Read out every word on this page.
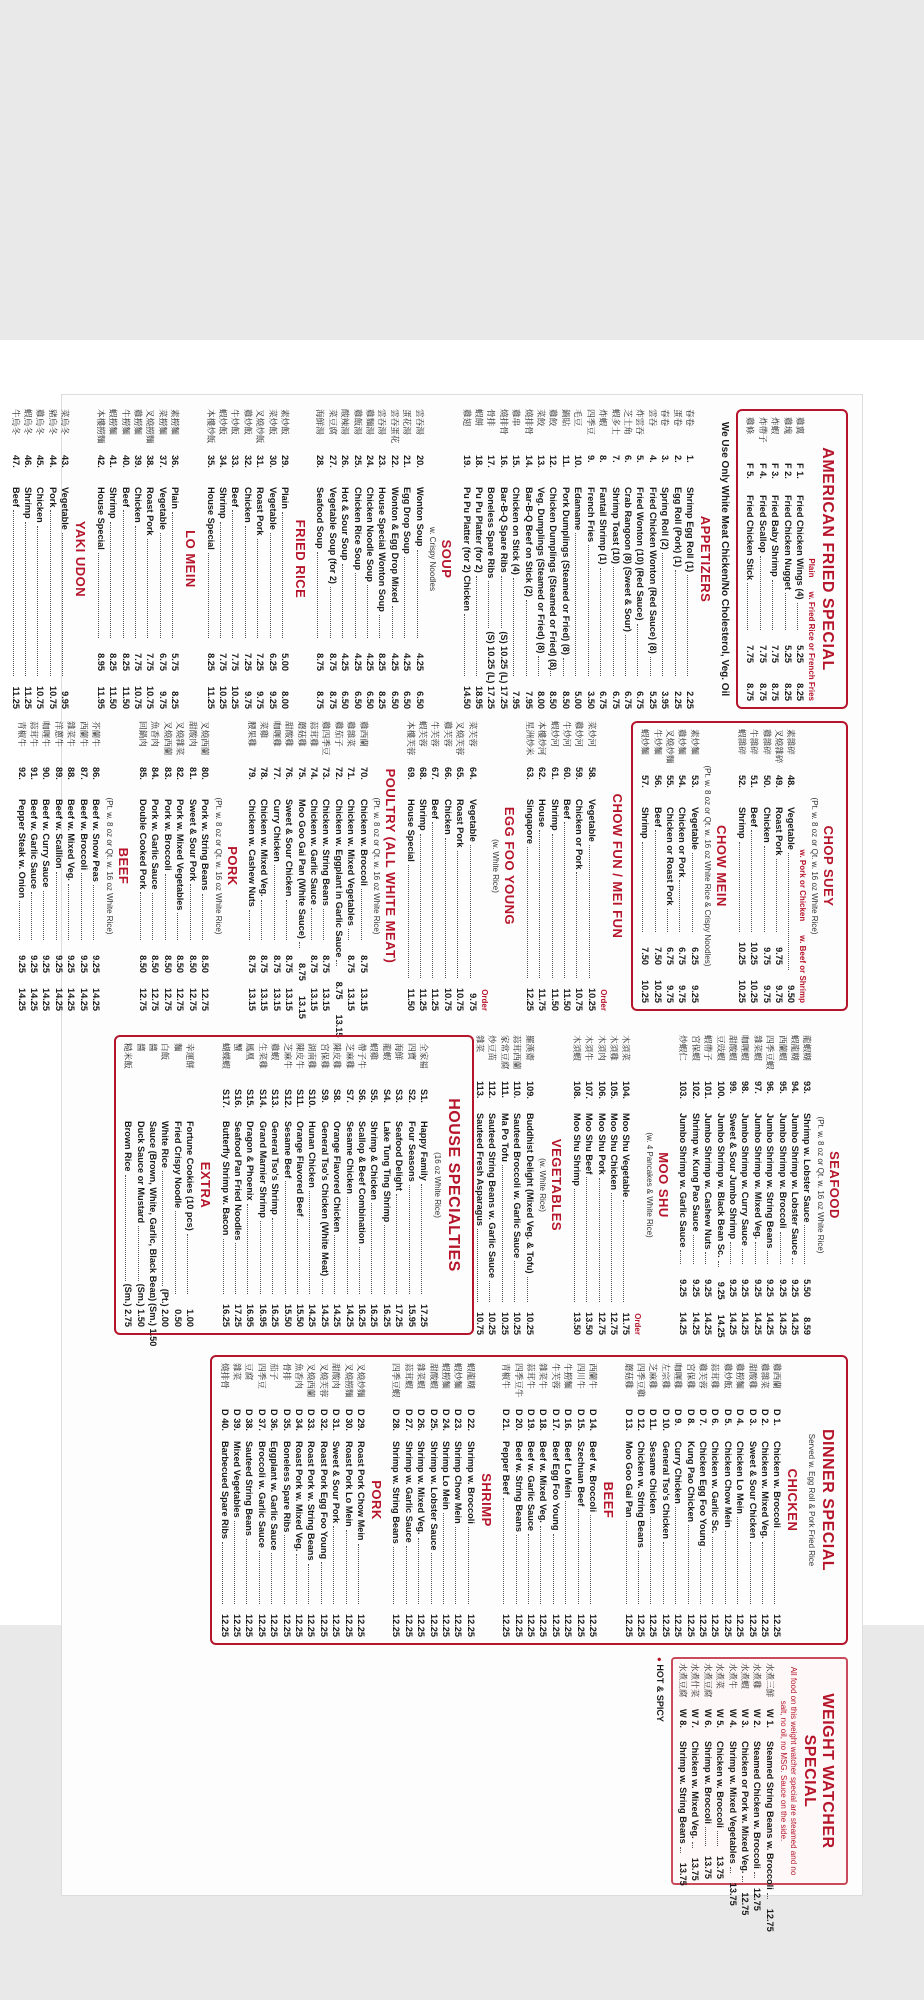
AMERICAN FRIED SPECIAL
Plain
w. Fried Rice or French Fries
雞翼
F 1.
Fried Chicken Wings (4)
5.25
8.25
雞塊
F 2.
Fried Chicken Nugget
5.25
8.25
炸蝦
F 3.
Fried Baby Shrimp
7.75
8.75
炸帶子
F 4.
Fried Scallop
7.75
8.75
雞條
F 5.
Fried Chicken Stick
7.75
8.75
We Use Only White Meat Chicken/No Cholesterol, Veg. Oil
APPETIZERS
春卷
1.
Shrimp Egg Roll (1)
2.25
蛋卷
2.
Egg Roll (Pork) (1)
2.25
春卷
3.
Spring Roll (2)
3.95
雲吞
4.
Fried Chicken Wonton (Red Sauce) (8)
5.25
炸雲吞
5.
Fried Wonton (10) (Red Sauce)
6.75
芝士角
6.
Crab Rangoon (8) (Sweet & Sour)
6.75
蝦多士
7.
Shrimp Toast (10)
6.75
炸蝦
8.
Fantail Shrimp (1)
6.75
四季豆
9.
French Fries
3.50
毛豆
10.
Edamame
5.00
鍋貼
11.
Pork Dumplings (Steamed or Fried) (8)
8.50
雞餃
12.
Chicken Dumplings (Steamed or Fried) (8)
8.50
菜餃
13.
Veg. Dumplings (Steamed or Fried) (8)
8.00
燒排骨
14.
Bar-B-Q Beef on Stick (2)
7.95
雞串
15.
Chicken on Stick (4)
7.95
燒排骨
16.
Bar-B-Q Spare Ribs
(S) 10.25 (L) 17.25
骨排
17.
Boneless Spare Ribs
(S) 10.25 (L) 17.25
蝦餅
18.
Pu Pu Platter (for 2)
18.95
雞翅
19.
Pu Pu Platter (for 2) Chicken
14.50
SOUP
w. Crispy Noodles
雲吞湯
20.
Wonton Soup
4.25
6.50
蛋花湯
21.
Egg Drop Soup
4.25
6.50
雲吞蛋花
22.
Wonton & Egg Drop Mixed
4.25
6.50
雲吞湯
23.
House Special Wonton Soup
8.25
8.25
雞麵湯
24.
Chicken Noodle Soup
4.25
6.50
雞飯湯
25.
Chicken Rice Soup
4.25
6.50
酸辣湯
26.
Hot & Sour Soup
4.25
6.50
菜豆腐
27.
Vegetable Soup (for 2)
8.75
8.75
海鮮湯
28.
Seafood Soup
8.75
8.75
FRIED RICE
素炒飯
29.
Plain
5.00
8.00
菜炒飯
30.
Vegetable
6.25
9.25
叉燒炒飯
31.
Roast Pork
7.25
9.75
雞炒飯
32.
Chicken
7.25
9.75
牛炒飯
33.
Beef
7.75
10.25
蝦炒飯
34.
Shrimp
7.75
10.25
本樓炒飯
35.
House Special
8.25
11.25
LO MEIN
素撈麵
36.
Plain
5.75
8.25
菜撈麵
37.
Vegetable
6.75
9.75
叉燒撈麵
38.
Roast Pork
7.75
10.75
雞撈麵
39.
Chicken
7.75
10.75
牛撈麵
40.
Beef
8.25
11.50
蝦撈麵
41.
Shrimp
8.25
11.50
本樓撈麵
42.
House Special
8.95
11.95
YAKI UDON
菜烏冬
43.
Vegetable
9.95
豬烏冬
44.
Pork
10.75
雞烏冬
45.
Chicken
10.75
蝦烏冬
46.
Shrimp
11.25
牛烏冬
47.
Beef
11.25
CHOP SUEY
(Pt. w. 8 oz or Qt. w. 16 oz White Rice)
w. Pork or Chicken
w. Beef or Shrimp
素雜碎
48.
Vegetable
9.50
叉燒雜碎
49.
Roast Pork
9.75
9.75
雞雜碎
50.
Chicken
9.75
9.75
牛雜碎
51.
Beef
10.25
10.25
蝦雜碎
52.
Shrimp
10.25
10.25
CHOW MEIN
(Pt. w. 8 oz or Qt. w. 16 oz White Rice & Crispy Noodles)
素炒麵
53.
Vegetable
6.25
9.25
雞炒麵
54.
Chicken or Pork
6.75
9.75
叉燒炒麵
55.
Chicken or Roast Pork
6.75
9.75
牛炒麵
56.
Beef
7.50
10.25
蝦炒麵
57.
Shrimp
7.50
10.25
CHOW FUN / MEI FUN
Order
菜炒河
58.
Vegetable
10.25
雞炒河
59.
Chicken or Pork
10.75
牛炒河
60.
Beef
11.50
蝦炒河
61.
Shrimp
11.50
本樓炒河
62.
House
11.75
星洲炒米
63.
Singapore
12.25
EGG FOO YOUNG
(w. White Rice)
Order
菜芙蓉
64.
Vegetable
9.75
叉燒芙蓉
65.
Roast Pork
10.75
雞芙蓉
66.
Chicken
10.75
牛芙蓉
67.
Beef
11.25
蝦芙蓉
68.
Shrimp
11.25
本樓芙蓉
69.
House Special
11.50
POULTRY (ALL WHITE MEAT)
(Pt. w. 8 oz or Qt. w. 16 oz White Rice)
雞西蘭
70.
Chicken w. Broccoli
8.75
13.15
雞雜菜
71.
Chicken w. Mixed Vegetables
8.75
13.15
雞茄子
72.
Chicken w. Eggplant in Garlic Sauce
8.75
13.15
雞四季豆
73.
Chicken w. String Beans
8.75
13.15
蒜茸雞
74.
Chicken w. Garlic Sauce
8.75
13.15
蘑菇雞
75.
Moo Goo Gai Pan (White Sauce)
8.75
13.15
甜酸雞
76.
Sweet & Sour Chicken
8.75
13.15
咖喱雞
77.
Curry Chicken
8.75
13.15
菜雞
78.
Chicken w. Mixed Veg.
8.75
13.15
腰果雞
79.
Chicken w. Cashew Nuts
8.75
13.15
PORK
(Pt. w. 8 oz or Qt. w. 16 oz White Rice)
叉燒西蘭
80.
Pork w. String Beans
8.50
12.75
甜酸肉
81.
Sweet & Sour Pork
8.50
12.75
叉燒雜菜
82.
Pork w. Mixed Vegetables
8.50
12.75
叉燒西蘭
83.
Pork w. Broccoli
8.50
12.75
魚香肉
84.
Pork w. Garlic Sauce
8.50
12.75
回鍋肉
85.
Double Cooked Pork
8.50
12.75
BEEF
(Pt. w. 8 oz or Qt. w. 16 oz White Rice)
芥蘭牛
86.
Beef w. Snow Peas
9.25
14.25
西蘭牛
87.
Beef w. Broccoli
9.25
14.25
雜菜牛
88.
Beef w. Mixed Veg.
9.25
14.25
洋蔥牛
89.
Beef w. Scallion
9.25
14.25
咖喱牛
90.
Beef w. Curry Sauce
9.25
14.25
蒜茸牛
91.
Beef w. Garlic Sauce
9.25
14.25
青椒牛
92.
Pepper Steak w. Onion
9.25
14.25
SEAFOOD
(Pt. w. 8 oz or Qt. w. 16 oz White Rice)
龍蝦糊
93.
Shrimp w. Lobster Sauce
5.50
8.59
蝦龍糊
94.
Jumbo Shrimp w. Lobster Sauce
9.25
14.25
西蘭蝦
95.
Jumbo Shrimp w. Broccoli
9.25
14.25
四季豆蝦
96.
Jumbo Shrimp w. String Beans
9.25
14.25
雜菜蝦
97.
Jumbo Shrimp w. Mixed Veg.
9.25
14.25
咖喱蝦
98.
Jumbo Shrimp w. Curry Sauce
9.25
14.25
甜酸蝦
99.
Sweet & Sour Jumbo Shrimp
9.25
14.25
豆豉蝦
100.
Jumbo Shrimp w. Black Bean Sc.
9.25
14.25
蝦帶子
101.
Jumbo Shrimp w. Cashew Nuts
9.25
14.25
宮保蝦
102.
Shrimp w. Kung Pao Sauce
9.25
14.25
炒蝦仁
103.
Jumbo Shrimp w. Garlic Sauce
9.25
14.25
MOO SHU
(w. 4 Pancakes & White Rice)
Order
木須菜
104.
Moo Shu Vegetable
11.75
木須雞
105.
Moo Shu Chicken
12.75
木須肉
106.
Moo Shu Pork
12.75
木須牛
107.
Moo Shu Beef
13.50
木須蝦
108.
Moo Shu Shrimp
13.50
VEGETABLES
(w. White Rice)
羅漢齋
109.
Buddhist Delight (Mixed Veg. & Tofu)
10.25
蒜茸西蘭
110.
Sauteed Broccoli w. Garlic Sauce
10.25
家常豆腐
111.
Ma Po Tofu
10.25
炒豆苗
112.
Sauteed String Beans w. Garlic Sauce
10.25
雜菜
113.
Sauteed Fresh Asparagus
10.75
HOUSE SPECIALTIES
(16 oz White Rice)
全家福
S1.
Happy Family
17.25
四寶
S2.
Four Seasons
15.95
海鮮
S3.
Seafood Delight
17.25
龍蝦
S4.
Lake Tung Ting Shrimp
16.25
蝦雞
S5.
Shrimp & Chicken
16.25
帶子牛
S6.
Scallop & Beef Combination
16.25
芝麻雞
S7.
Sesame Chicken
14.25
陳皮雞
S8.
Orange Flavored Chicken
14.25
宮保雞
S9.
General Tso's Chicken (White Meat)
14.25
湖南雞
S10.
Hunan Chicken
14.25
陳皮牛
S11.
Orange Flavored Beef
15.50
芝麻牛
S12.
Sesame Beef
15.50
雞蝦
S13.
General Tso's Shrimp
16.25
生菜雞
S14.
Grand Marnier Shrimp
16.95
鳳凰
S15.
Dragon & Phoenix
16.95
蟹
S16.
Seafood Pan Fried Noodles
17.25
蝴蝶蝦
S17.
Butterfly Shrimp w. Bacon
16.25
EXTRA
幸運餅
Fortune Cookies (10 pcs)
1.00
麵
Fried Crispy Noodle
0.50
白飯
White Rice
(Pt.) 2.00
醬
Sauce (Brown, White, Garlic, Black Bean)
(Sm.) 1.50
醬
Duck Sauce or Mustard
(Sm.) 1.50
糙米飯
Brown Rice
(Sm.) 2.75
DINNER SPECIAL
Served w. Egg Roll & Pork Fried Rice
CHICKEN
雞西蘭
D 1.
Chicken w. Broccoli
12.25
雞雜菜
D 2.
Chicken w. Mixed Veg.
12.25
甜酸雞
D 3.
Sweet & Sour Chicken
12.25
雞撈麵
D 4.
Chicken Lo Mein
12.25
雞炒飯
D 5.
Chicken Chow Mein
12.25
蒜茸雞
D 6.
Chicken w. Garlic Sc.
12.25
雞芙蓉
D 7.
Chicken Egg Foo Young
12.25
宮保雞
D 8.
Kung Pao Chicken
12.25
咖喱雞
D 9.
Curry Chicken
12.25
左宗雞
D 10.
General Tso's Chicken
12.25
芝麻雞
D 11.
Sesame Chicken
12.25
四季豆雞
D 12.
Chicken w. String Beans
12.25
蘑菇雞
D 13.
Moo Goo Gai Pan
12.25
BEEF
西蘭牛
D 14.
Beef w. Broccoli
12.25
四川牛
D 15.
Szechuan Beef
12.25
牛撈麵
D 16.
Beef Lo Mein
12.25
牛芙蓉
D 17.
Beef Egg Foo Young
12.25
雜菜牛
D 18.
Beef w. Mixed Veg.
12.25
蒜茸牛
D 19.
Beef w. Garlic Sauce
12.25
四季豆牛
D 20.
Beef w. String Beans
12.25
青椒牛
D 21.
Pepper Beef
12.25
SHRIMP
蝦龍糊
D 22.
Shrimp w. Broccoli
12.25
蝦炒麵
D 23.
Shrimp Chow Mein
12.25
蝦撈麵
D 24.
Shrimp Lo Mein
12.25
甜酸蝦
D 25.
Shrimp w. Lobster Sauce
12.25
雜菜蝦
D 26.
Shrimp w. Mixed Veg.
12.25
蒜茸蝦
D 27.
Shrimp w. Garlic Sauce
12.25
四季豆蝦
D 28.
Shrimp w. String Beans
12.25
PORK
叉燒炒麵
D 29.
Roast Pork Chow Mein
12.25
叉燒撈麵
D 30.
Roast Pork Lo Mein
12.25
甜酸肉
D 31.
Sweet & Sour Pork
12.25
叉燒芙蓉
D 32.
Roast Pork Egg Foo Young
12.25
叉燒西蘭
D 33.
Roast Pork w. String Beans
12.25
魚香肉
D 34.
Roast Pork w. Mixed Veg.
12.25
骨排
D 35.
Boneless Spare Ribs
12.25
茄子
D 36.
Eggplant w. Garlic Sauce
12.25
四季豆
D 37.
Broccoli w. Garlic Sauce
12.25
豆腐
D 38.
Sauteed String Beans
12.25
雜菜
D 39.
Mixed Vegetables
12.25
燒排骨
D 40.
Barbecued Spare Ribs
12.25
WEIGHT WATCHER SPECIAL
All food on this weight watcher special are steamed and no salt, no oil, no MSG. Sauce on the side.
水煮三鮮
W 1.
Steamed String Beans w. Broccoli
12.75
水煮雞
W 2.
Steamed Chicken w. Broccoli
12.75
水煮蝦
W 3.
Chicken or Pork w. Mixed Veg.
12.75
水煮牛
W 4.
Shrimp w. Mixed Vegetables
13.75
水煮菜
W 5.
Chicken w. Broccoli
13.75
水煮豆腐
W 6.
Shrimp w. Broccoli
13.75
水煮什菜
W 7.
Chicken w. Mixed Veg.
13.75
水煮豆腐
W 8.
Shrimp w. String Beans
13.75
● HOT & SPICY
